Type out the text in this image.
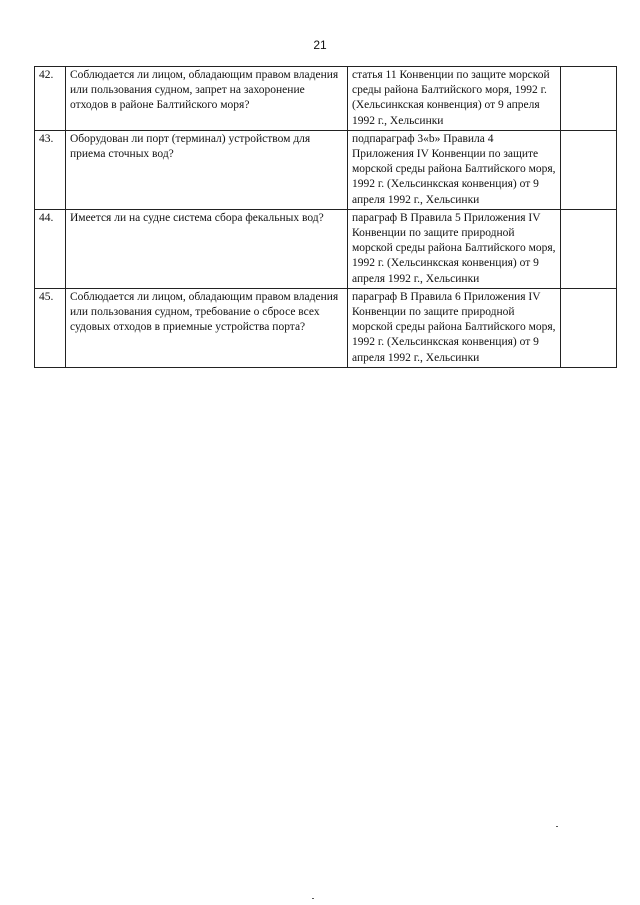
21
42.	Соблюдается ли лицом, обладающим правом владения или пользования судном, запрет на захоронение отходов в районе Балтийского моря?	статья 11 Конвенции по защите морской среды района Балтийского моря, 1992 г. (Хельсинкская конвенция) от 9 апреля 1992 г., Хельсинки	
43.	Оборудован ли порт (терминал) устройством для приема сточных вод?	подпараграф 3«b» Правила 4 Приложения IV Конвенции по защите морской среды района Балтийского моря, 1992 г. (Хельсинкская конвенция) от 9 апреля 1992 г., Хельсинки	
44.	Имеется ли на судне система сбора фекальных вод?	параграф B Правила 5 Приложения IV Конвенции по защите природной морской среды района Балтийского моря, 1992 г. (Хельсинкская конвенция) от 9 апреля 1992 г., Хельсинки	
45.	Соблюдается ли лицом, обладающим правом владения или пользования судном, требование о сбросе всех судовых отходов в приемные устройства порта?	параграф B Правила 6 Приложения IV Конвенции по защите природной морской среды района Балтийского моря, 1992 г. (Хельсинкская конвенция) от 9 апреля 1992 г., Хельсинки	
